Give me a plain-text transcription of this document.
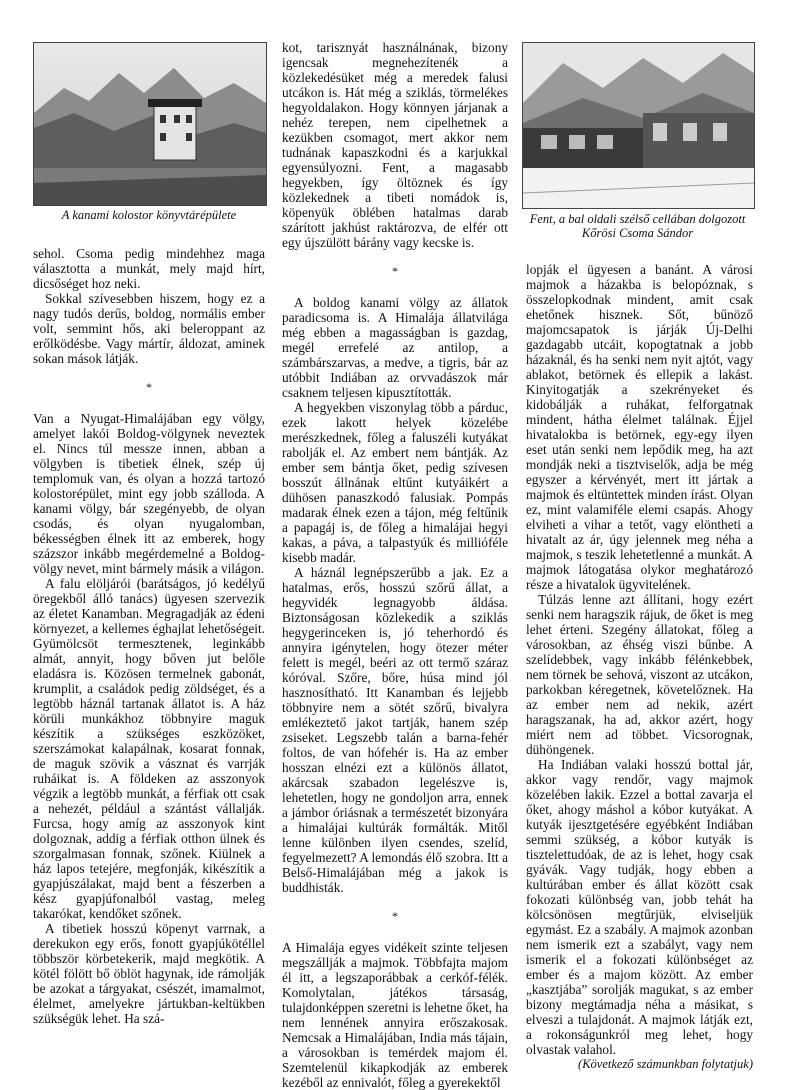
A kanami kolostor könyvtárépülete	Fent, a bal oldali szélső cellában dolgozott
Kőrösi Csoma Sándor

sehol. Csoma pedig mindehhez maga választotta a munkát, mely majd hírt, dicsőséget hoz neki.

Sokkal szívesebben hiszem, hogy ez a nagy tudós derűs, boldog, normális ember volt, semmint hős, aki beleroppant az erőlködésbe. Vagy mártír, áldozat, aminek sokan mások látják.

*

Van a Nyugat-Himalájában egy völgy, amelyet lakói Boldog-völgynek neveztek el. Nincs túl messze innen, abban a völgyben is tibetiek élnek, szép új templomuk van, és olyan a hozzá tartozó kolostorépület, mint egy jobb szálloda. A kanami völgy, bár szegényebb, de olyan csodás, és olyan nyugalomban, békességben élnek itt az emberek, hogy százszor inkább megérdemelné a Boldog-völgy nevet, mint bármely másik a világon.

A falu elöljárói (barátságos, jó kedélyű öregekből álló tanács) ügyesen szervezik az életet Kanamban. Megragadják az édeni környezet, a kellemes éghajlat lehetőségeit. Gyümölcsöt termesztenek, leginkább almát, annyit, hogy bőven jut belőle eladásra is. Közösen termelnek gabonát, krumplit, a családok pedig zöldséget, és a legtöbb háznál tartanak állatot is. A ház körüli munkákhoz többnyire maguk készítik a szükséges eszközöket, szerszámokat kalapálnak, kosarat fonnak, de maguk szövik a vásznat és varrják ruháikat is. A földeken az asszonyok végzik a legtöbb munkát, a férfiak ott csak a nehezét, például a szántást vállalják. Furcsa, hogy amíg az asszonyok kint dolgoznak, addig a férfiak otthon ülnek és szorgalmasan fonnak, szőnek. Kiülnek a ház lapos tetejére, megfonják, kikészítik a gyapjúszálakat, majd bent a fészerben a kész gyapjúfonalból vastag, meleg takarókat, kendőket szőnek.

A tibetiek hosszú köpenyt varrnak, a derekukon egy erős, fonott gyapjúkötéllel többször körbetekerik, majd megkötik. A kötél fölött bő öblöt hagynak, ide rámolják be azokat a tárgyakat, csészét, imamalmot, élelmet, amelyekre jártukban-keltükben szükségük lehet. Ha szá-

kot, tarisznyát használnának, bizony igencsak megnehezítenék a közlekedésüket még a meredek falusi utcákon is. Hát még a sziklás, törmelékes hegyoldalakon. Hogy könnyen járjanak a nehéz terepen, nem cipelhetnek a kezükben csomagot, mert akkor nem tudnának kapaszkodni és a karjukkal egyensúlyozni. Fent, a magasabb hegyekben, így öltöznek és így közlekednek a tibeti nomádok is, köpenyük öblében hatalmas darab szárított jakhúst raktározva, de elfér ott egy újszülött bárány vagy kecske is.

*

A boldog kanami völgy az állatok paradicsoma is. A Himalája állatvilága még ebben a magasságban is gazdag, megél errefelé az antilop, a számbárszarvas, a medve, a tigris, bár az utóbbit Indiában az orvvadászok már csaknem teljesen kipusztították.

A hegyekben viszonylag több a párduc, ezek lakott helyek közelébe merészkednek, főleg a faluszéli kutyákat rabolják el. Az embert nem bántják. Az ember sem bántja őket, pedig szívesen bosszút állnának eltűnt kutyáikért a dühösen panaszkodó falusiak. Pompás madarak élnek ezen a tájon, még feltűnik a papagáj is, de főleg a himalájai hegyi kakas, a páva, a talpastyúk és milliófélе kisebb madár.

A háznál legnépszerűbb a jak. Ez a hatalmas, erős, hosszú szőrű állat, a hegyvidék legnagyobb áldása. Biztonságosan közlekedik a sziklás hegygerinceken is, jó teherhordó és annyira igénytelen, hogy ötezer méter felett is megél, beéri az ott termő száraz kóróval. Szőre, bőre, húsa mind jól hasznosítható. Itt Kanamban és lejjebb többnyire nem a sötét szőrű, bivalyra emlékeztető jakot tartják, hanem szép zsiseket. Legszebb talán a barna-fehér foltos, de van hófehér is. Ha az ember hosszan elnézi ezt a különös állatot, akárcsak szabadon legelészve is, lehetetlen, hogy ne gondoljon arra, ennek a jámbor óriásnak a természetét bizonyára a himalájai kultúrák formálták. Mitől lenne különben ilyen csendes, szelíd, fegyelmezett? A lemondás élő szobra. Itt a Belső-Himalájában még a jakok is buddhisták.

*

A Himalája egyes vidékeit szinte teljesen megszállják a majmok. Többfajta majom él itt, a legszaporábbak a cerkóf-félék. Komolytalan, játékos társaság, tulajdonképpen szeretni is lehetne őket, ha nem lennének annyira erőszakosak. Nemcsak a Himalájában, India más tájain, a városokban is temérdek majom él. Szemtelenül kikapkodják az emberek kezéből az ennivalót, főleg a gyerekektől

lopják el ügyesen a banánt. A városi majmok a házakba is belopóznak, s összelopkodnak mindent, amit csak ehetőnek hisznek. Sőt, bűnöző majomcsapatok is járják Új-Delhi gazdagabb utcáit, kopogtatnak a jobb házaknál, és ha senki nem nyit ajtót, vagy ablakot, betörnek és ellepik a lakást. Kinyitogatják a szekrényeket és kidobálják a ruhákat, felforgatnak mindent, hátha élelmet találnak. Éjjel hivatalokba is betörnek, egy-egy ilyen eset után senki nem lepődik meg, ha azt mondják neki a tisztviselők, adja be még egyszer a kérvényét, mert itt jártak a majmok és eltüntettek minden írást. Olyan ez, mint valamiféle elemi csapás. Ahogy elviheti a vihar a tetőt, vagy elöntheti a hivatalt az ár, úgy jelennek meg néha a majmok, s teszik lehetetlenné a munkát. A majmok látogatása olykor meghatározó része a hivatalok ügyvitelének.

Túlzás lenne azt állítani, hogy ezért senki nem haragszik rájuk, de őket is meg lehet érteni. Szegény állatokat, főleg a városokban, az éhség viszi bűnbe. A szelídebbek, vagy inkább félénkebbek, nem törnek be sehová, viszont az utcákon, parkokban kéregetnek, követelőznek. Ha az ember nem ad nekik, azért haragszanak, ha ad, akkor azért, hogy miért nem ad többet. Vicsorognak, dühöngenek.

Ha Indiában valaki hosszú bottal jár, akkor vagy rendőr, vagy majmok közelében lakik. Ezzel a bottal zavarja el őket, ahogy máshol a kóbor kutyákat. A kutyák ijesztgetésére egyébként Indiában semmi szükség, a kóbor kutyák is tisztelettudóak, de az is lehet, hogy csak gyávák. Vagy tudják, hogy ebben a kultúrában ember és állat között csak fokozati különbség van, jobb tehát ha kölcsönösen megtűrjük, elviseljük egymást. Ez a szabály. A majmok azonban nem ismerik ezt a szabályt, vagy nem ismerik el a fokozati különbséget az ember és a majom között. Az ember „kasztjába” sorolják magukat, s az ember bizony megtámadja néha a másikat, s elveszi a tulajdonát. A majmok látják ezt, a rokonságunkról meg lehet, hogy olvastak valahol.

(Következő számunkban folytatjuk)
